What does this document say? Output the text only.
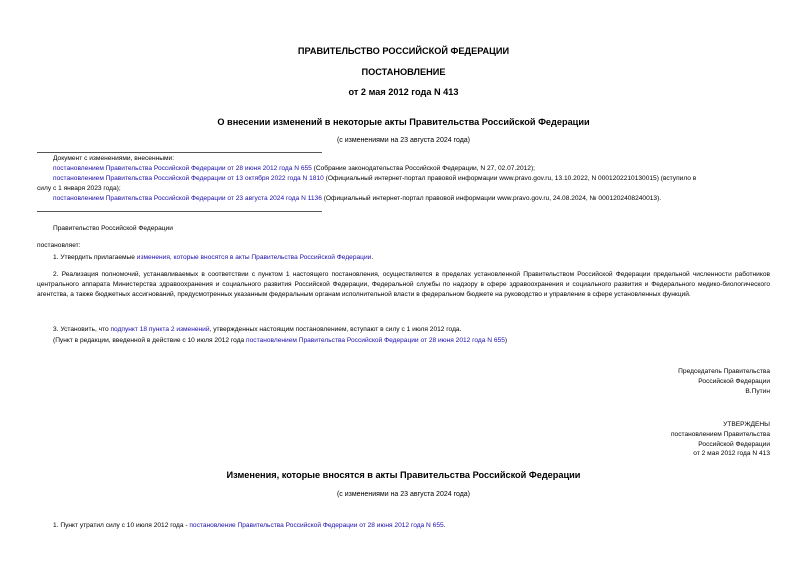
ПРАВИТЕЛЬСТВО РОССИЙСКОЙ ФЕДЕРАЦИИ
ПОСТАНОВЛЕНИЕ
от 2 мая 2012 года N 413
О внесении изменений в некоторые акты Правительства Российской Федерации
(с изменениями на 23 августа 2024 года)
Документ с изменениями, внесенными:
постановлением Правительства Российской Федерации от 28 июня 2012 года N 655 (Собрание законодательства Российской Федерации, N 27, 02.07.2012);
постановлением Правительства Российской Федерации от 13 октября 2022 года N 1810 (Официальный интернет-портал правовой информации www.pravo.gov.ru, 13.10.2022, N 0001202210130015) (вступило в
силу с 1 января 2023 года);
постановлением Правительства Российской Федерации от 23 августа 2024 года N 1136 (Официальный интернет-портал правовой информации www.pravo.gov.ru, 24.08.2024, № 0001202408240013).
Правительство Российской Федерации
постановляет:
1. Утвердить прилагаемые изменения, которые вносятся в акты Правительства Российской Федерации.
2. Реализация полномочий, устанавливаемых в соответствии с пунктом 1 настоящего постановления, осуществляется в пределах установленной Правительством Российской Федерации предельной численности работников центрального аппарата Министерства здравоохранения и социального развития Российской Федерации, Федеральной службы по надзору в сфере здравоохранения и социального развития и Федерального медико-биологического агентства, а также бюджетных ассигнований, предусмотренных указанным федеральным органам исполнительной власти в федеральном бюджете на руководство и управление в сфере установленных функций.
3. Установить, что подпункт 18 пункта 2 изменений, утвержденных настоящим постановлением, вступают в силу с 1 июля 2012 года.
(Пункт в редакции, введенной в действие с 10 июля 2012 года постановлением Правительства Российской Федерации от 28 июня 2012 года N 655)
Председатель Правительства
Российской Федерации
В.Путин
УТВЕРЖДЕНЫ
постановлением Правительства
Российской Федерации
от 2 мая 2012 года N 413
Изменения, которые вносятся в акты Правительства Российской Федерации
(с изменениями на 23 августа 2024 года)
1. Пункт утратил силу с 10 июля 2012 года - постановление Правительства Российской Федерации от 28 июня 2012 года N 655.
